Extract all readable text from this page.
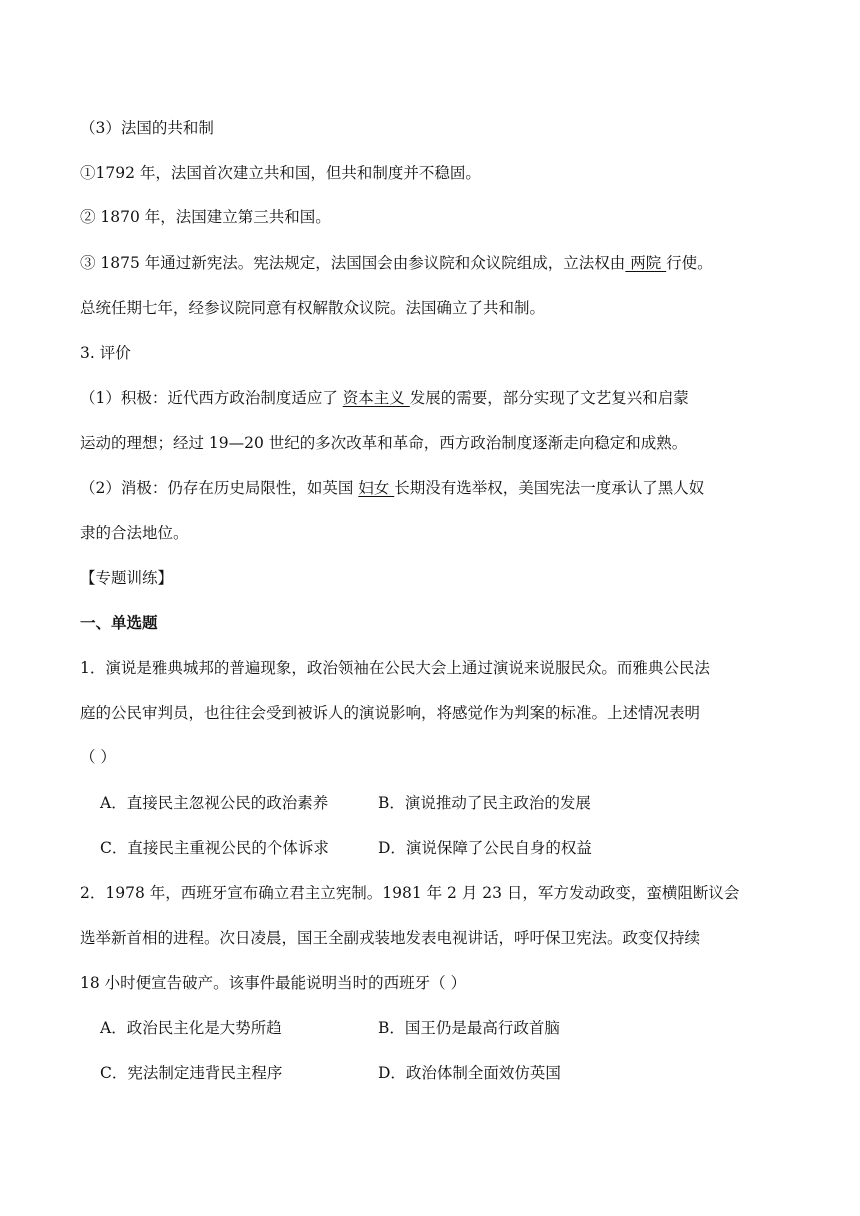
（3）法国的共和制
①1792 年，法国首次建立共和国，但共和制度并不稳固。
② 1870 年，法国建立第三共和国。
③ 1875 年通过新宪法。宪法规定，法国国会由参议院和众议院组成，立法权由 两院 行使。
总统任期七年，经参议院同意有权解散众议院。法国确立了共和制。
3. 评价
（1）积极：近代西方政治制度适应了 资本主义 发展的需要，部分实现了文艺复兴和启蒙
运动的理想；经过 19—20 世纪的多次改革和革命，西方政治制度逐渐走向稳定和成熟。
（2）消极：仍存在历史局限性，如英国 妇女 长期没有选举权，美国宪法一度承认了黑人奴
隶的合法地位。
【专题训练】
一、单选题
1．演说是雅典城邦的普遍现象，政治领袖在公民大会上通过演说来说服民众。而雅典公民法
庭的公民审判员，也往往会受到被诉人的演说影响，将感觉作为判案的标准。上述情况表明
（ ）
A．直接民主忽视公民的政治素养	B．演说推动了民主政治的发展
C．直接民主重视公民的个体诉求	D．演说保障了公民自身的权益
2．1978 年，西班牙宣布确立君主立宪制。1981 年 2 月 23 日，军方发动政变，蛮横阻断议会
选举新首相的进程。次日凌晨，国王全副戎装地发表电视讲话，呼吁保卫宪法。政变仅持续
18 小时便宣告破产。该事件最能说明当时的西班牙（ ）
A．政治民主化是大势所趋	B．国王仍是最高行政首脑
C．宪法制定违背民主程序	D．政治体制全面效仿英国
